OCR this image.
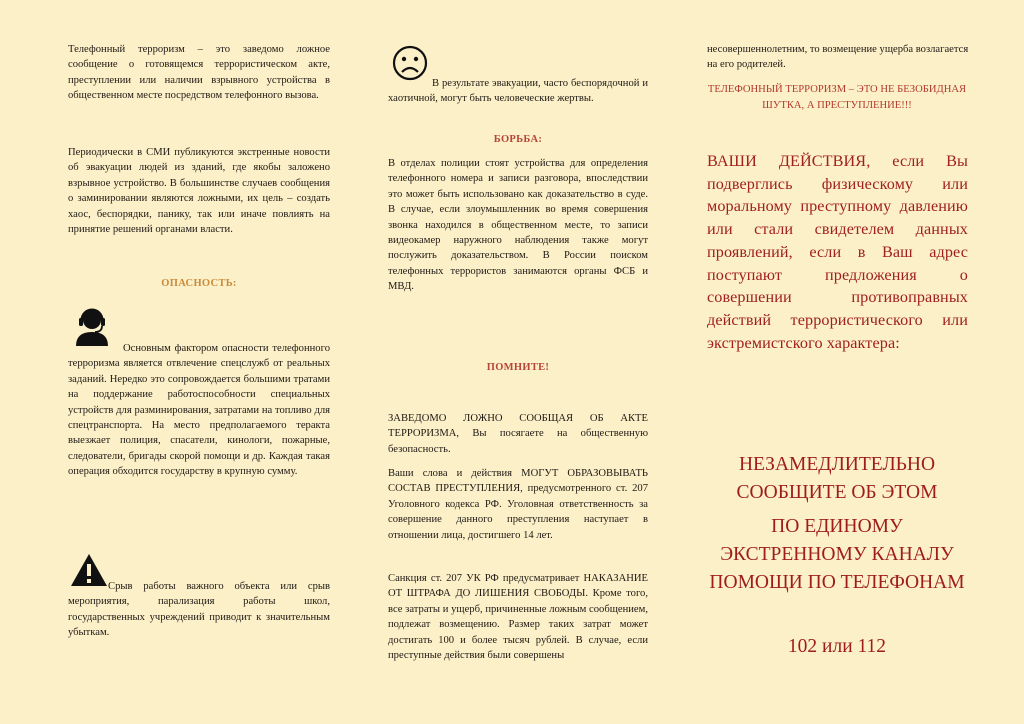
Телефонный терроризм – это заведомо ложное сообщение о готовящемся террористическом акте, преступлении или наличии взрывного устройства в общественном месте посредством телефонного вызова.

Периодически в СМИ публикуются экстренные новости об эвакуации людей из зданий, где якобы заложено взрывное устройство. В большинстве случаев сообщения о заминировании являются ложными, их цель – создать хаос, беспорядки, панику, так или иначе повлиять на принятие решений органами власти.

ОПАСНОСТЬ:

Основным фактором опасности телефонного терроризма является отвлечение спецслужб от реальных заданий. Нередко это сопровождается большими тратами на поддержание работоспособности специальных устройств для разминирования, затратами на топливо для спецтранспорта. На место предполагаемого теракта выезжает полиция, спасатели, кинологи, пожарные, следователи, бригады скорой помощи и др. Каждая такая операция обходится государству в крупную сумму.

Срыв работы важного объекта или срыв мероприятия, парализация работы школ, государственных учреждений приводит к значительным убыткам.

В результате эвакуации, часто беспорядочной и хаотичной, могут быть человеческие жертвы.

БОРЬБА:

В отделах полиции стоят устройства для определения телефонного номера и записи разговора, впоследствии это может быть использовано как доказательство в суде. В случае, если злоумышленник во время совершения звонка находился в общественном месте, то записи видеокамер наружного наблюдения также могут послужить доказательством. В России поиском телефонных террористов занимаются органы ФСБ и МВД.

ПОМНИТЕ!

ЗАВЕДОМО ЛОЖНО СООБЩАЯ ОБ АКТЕ ТЕРРОРИЗМА, Вы посягаете на общественную безопасность.

Ваши слова и действия МОГУТ ОБРАЗОВЫВАТЬ СОСТАВ ПРЕСТУПЛЕНИЯ, предусмотренного ст. 207 Уголовного кодекса РФ. Уголовная ответственность за совершение данного преступления наступает в отношении лица, достигшего 14 лет.

Санкция ст. 207 УК РФ предусматривает НАКАЗАНИЕ ОТ ШТРАФА ДО ЛИШЕНИЯ СВОБОДЫ. Кроме того, все затраты и ущерб, причиненные ложным сообщением, подлежат возмещению. Размер таких затрат может достигать 100 и более тысяч рублей. В случае, если преступные действия были совершены

несовершеннолетним, то возмещение ущерба возлагается на его родителей.

ТЕЛЕФОННЫЙ ТЕРРОРИЗМ – ЭТО НЕ БЕЗОБИДНАЯ ШУТКА, А ПРЕСТУПЛЕНИЕ!!!

ВАШИ ДЕЙСТВИЯ, если Вы подверглись физическому или моральному преступному давлению или стали свидетелем данных проявлений, если в Ваш адрес поступают предложения о совершении противоправных действий террористического или экстремистского характера:

НЕЗАМЕДЛИТЕЛЬНО СООБЩИТЕ ОБ ЭТОМ

ПО ЕДИНОМУ ЭКСТРЕННОМУ КАНАЛУ ПОМОЩИ ПО ТЕЛЕФОНАМ

102 или 112
